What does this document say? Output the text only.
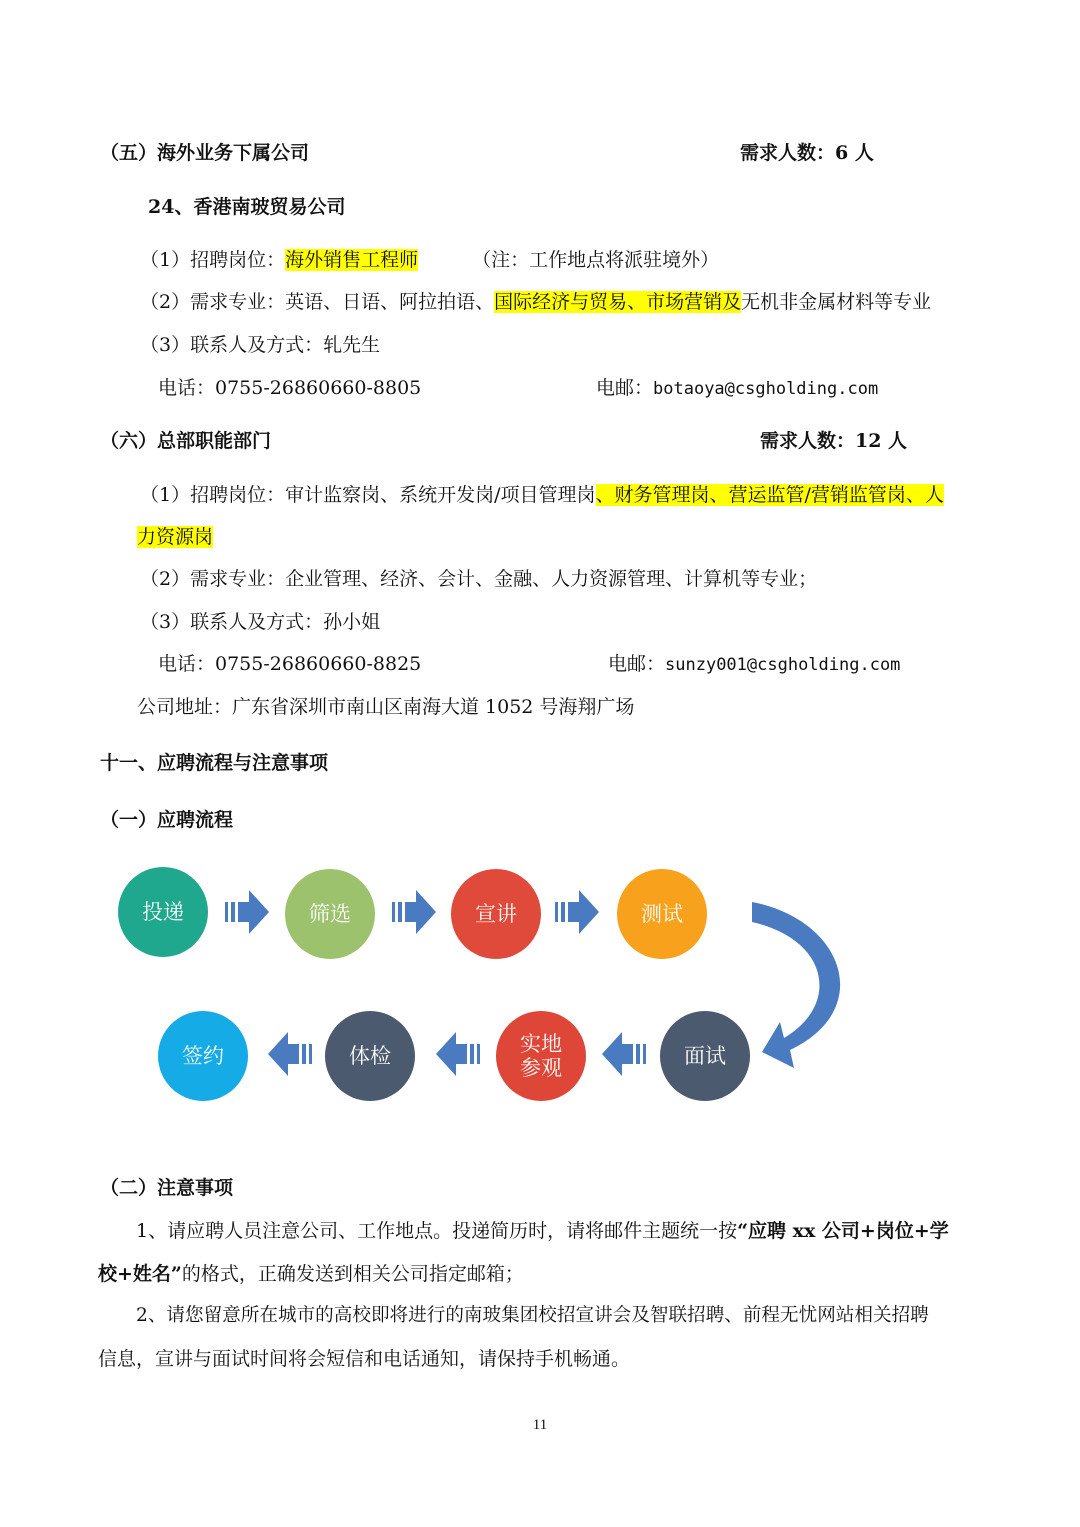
（五）海外业务下属公司	需求人数：6 人
24、香港南玻贸易公司
（1）招聘岗位：海外销售工程师	（注：工作地点将派驻境外）
（2）需求专业：英语、日语、阿拉拍语、国际经济与贸易、市场营销及无机非金属材料等专业
（3）联系人及方式：轧先生
电话：0755-26860660-8805	电邮：botaoya@csgholding.com
（六）总部职能部门	需求人数：12 人
（1）招聘岗位：审计监察岗、系统开发岗/项目管理岗、财务管理岗、营运监管/营销监管岗、人
力资源岗
（2）需求专业：企业管理、经济、会计、金融、人力资源管理、计算机等专业；
（3）联系人及方式：孙小姐
电话：0755-26860660-8825	电邮：sunzy001@csgholding.com
公司地址：广东省深圳市南山区南海大道 1052 号海翔广场
十一、应聘流程与注意事项
（一）应聘流程
投递	筛选	宣讲	测试
面试
实地
参观
体检
签约
（二）注意事项
1、请应聘人员注意公司、工作地点。投递简历时，请将邮件主题统一按“应聘 xx 公司+岗位+学
校+姓名”的格式，正确发送到相关公司指定邮箱；
2、请您留意所在城市的高校即将进行的南玻集团校招宣讲会及智联招聘、前程无忧网站相关招聘
信息，宣讲与面试时间将会短信和电话通知，请保持手机畅通。
11
